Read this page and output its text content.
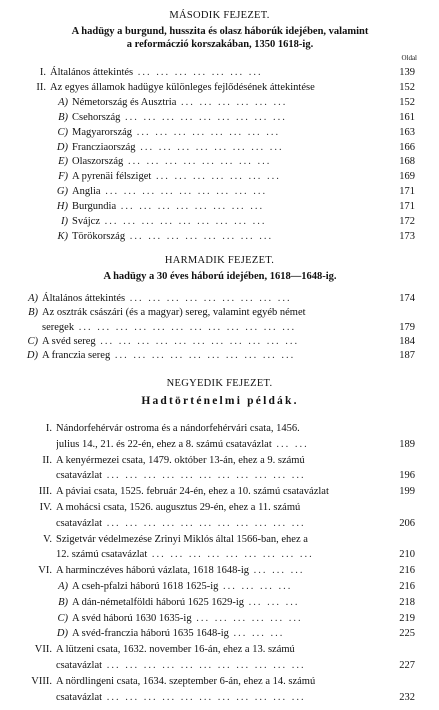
MÁSODIK FEJEZET.
A hadügy a burgund, husszita és olasz háborúk idejében, valamint
a reformáczió korszakában, 1350 1618-ig.
Oldal
I. Általános áttekintés ... ... ... ... ... ... ...	139
II. Az egyes államok hadügye különleges fejlődésének áttekintése	152
A) Németország és Ausztria ... ... ... ... ... ...	152
B) Csehország ... ... ... ... ... ... ... ... ...	161
C) Magyarország ... ... ... ... ... ... ... ...	163
D) Francziaország ... ... ... ... ... ... ... ...	166
E) Olaszország ... ... ... ... ... ... ... ...	168
F) A pyrenäi félsziget ... ... ... ... ... ... ...	169
G) Anglia ... ... ... ... ... ... ... ... ...	171
H) Burgundia ... ... ... ... ... ... ... ...	171
I) Svájcz ... ... ... ... ... ... ... ... ...	172
K) Törökország ... ... ... ... ... ... ... ...	173
HARMADIK FEJEZET.
A hadügy a 30 éves háború idejében, 1618—1648-ig.
A) Általános áttekintés ... ... ... ... ... ... ... ... ...	174
B) Az osztrák császári (és a magyar) sereg, valamint egyéb német
seregek ... ... ... ... ... ... ... ... ... ... ... ...	179
C) A svéd sereg ... ... ... ... ... ... ... ... ... ... ...	184
D) A franczia sereg ... ... ... ... ... ... ... ... ... ...	187
NEGYEDIK FEJEZET.
Hadtörténelmi példák.
I. Nándorfehérvár ostroma és a nándorfehérvári csata, 1456.
julius 14., 21. és 22-én, ehez a 8. számú csatavázlat ... ...	189
II. A kenyérmezei csata, 1479. október 13-án, ehez a 9. számú
csatavázlat ... ... ... ... ... ... ... ... ... ... ...	196
III. A páviai csata, 1525. február 24-én, ehez a 10. számú csatavázlat	199
IV. A mohácsi csata, 1526. augusztus 29-én, ehez a 11. számú
csatavázlat ... ... ... ... ... ... ... ... ... ... ...	206
V. Szigetvár védelmezése Zrinyi Miklós által 1566-ban, ehez a
12. számú csatavázlat ... ... ... ... ... ... ... ... ...	210
VI. A harminczéves háború vázlata, 1618 1648-ig ... ... ...	216
A) A cseh-pfalzi háború 1618 1625-ig ... ... ... ...	216
B) A dán-németalföldi háború 1625 1629-ig ... ... ...	218
C) A svéd háború 1630 1635-ig ... ... ... ... ... ...	219
D) A svéd-franczia háború 1635 1648-ig ... ... ...	225
VII. A lützeni csata, 1632. november 16-án, ehez a 13. számú
csatavázlat ... ... ... ... ... ... ... ... ... ... ...	227
VIII. A nördlingeni csata, 1634. szeptember 6-án, ehez a 14. számú
csatavázlat ... ... ... ... ... ... ... ... ... ... ...	232
